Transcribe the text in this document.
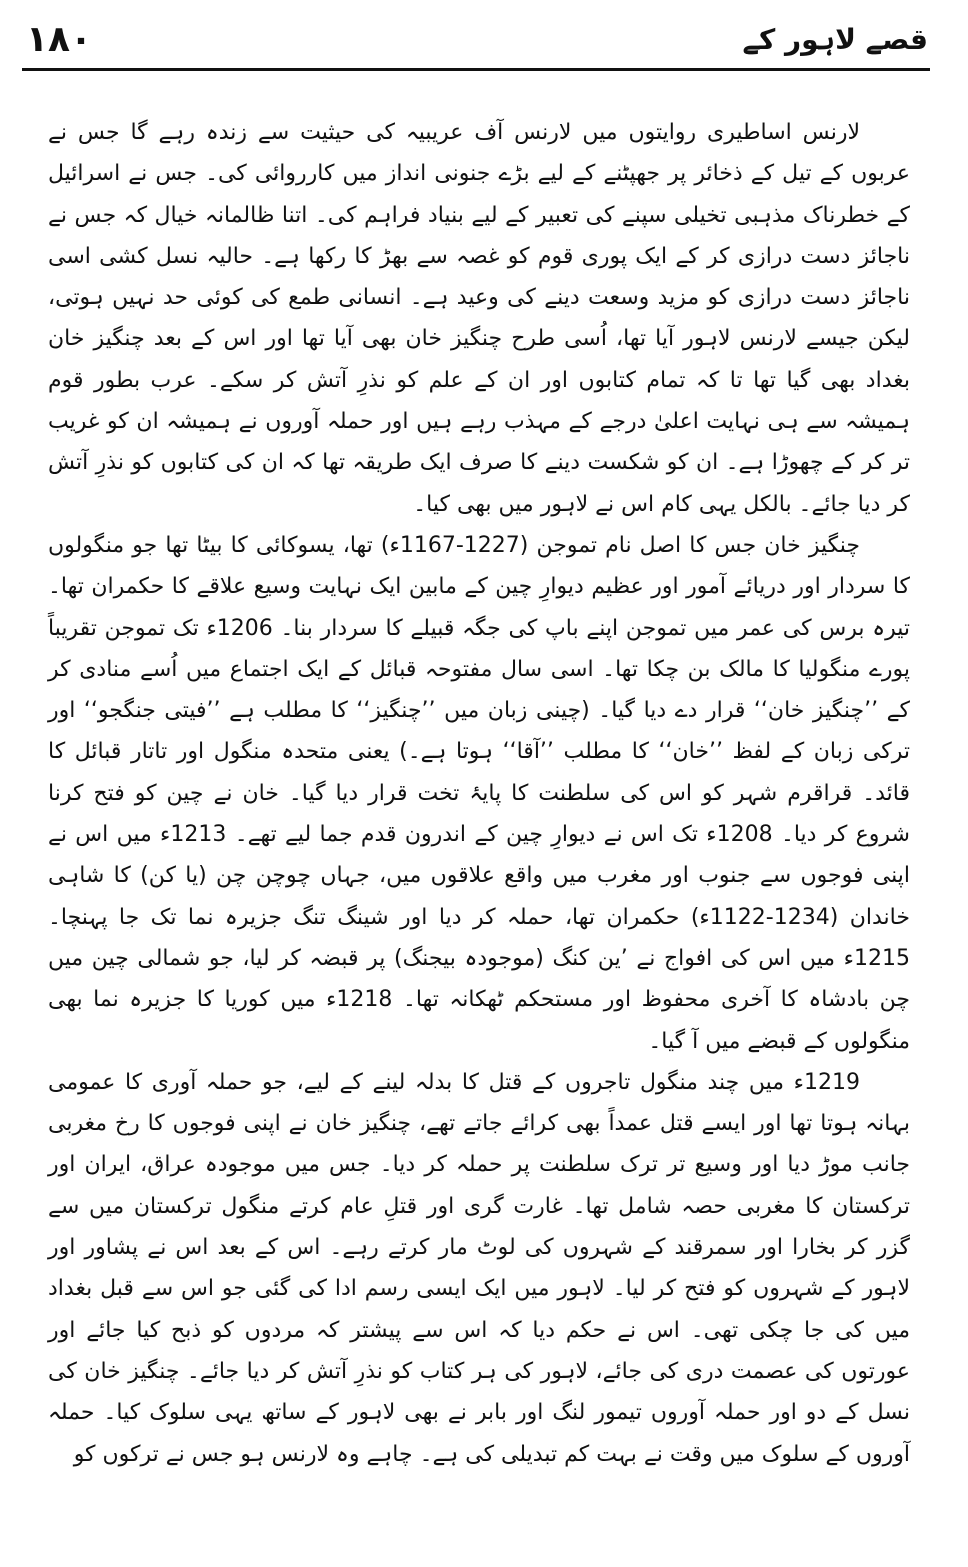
١٨٠	قصے لاہور کے

لارنس اساطیری روایتوں میں لارنس آف عریبیہ کی حیثیت سے زندہ رہے گا جس نے عربوں کے تیل کے ذخائر پر جھپٹنے کے لیے بڑے جنونی انداز میں کارروائی کی۔ جس نے اسرائیل کے خطرناک مذہبی تخیلی سپنے کی تعبیر کے لیے بنیاد فراہم کی۔ اتنا ظالمانہ خیال کہ جس نے ناجائز دست درازی کر کے ایک پوری قوم کو غصہ سے بھڑ کا رکھا ہے۔ حالیہ نسل کشی اسی ناجائز دست درازی کو مزید وسعت دینے کی وعید ہے۔ انسانی طمع کی کوئی حد نہیں ہوتی، لیکن جیسے لارنس لاہور آیا تھا، اُسی طرح چنگیز خان بھی آیا تھا اور اس کے بعد چنگیز خان بغداد بھی گیا تھا تا کہ تمام کتابوں اور ان کے علم کو نذرِ آتش کر سکے۔ عرب بطور قوم ہمیشہ سے ہی نہایت اعلیٰ درجے کے مہذب رہے ہیں اور حملہ آوروں نے ہمیشہ ان کو غریب تر کر کے چھوڑا ہے۔ ان کو شکست دینے کا صرف ایک طریقہ تھا کہ ان کی کتابوں کو نذرِ آتش کر دیا جائے۔ بالکل یہی کام اس نے لاہور میں بھی کیا۔

چنگیز خان جس کا اصل نام تموجن (1227-1167ء) تھا، یسوکائی کا بیٹا تھا جو منگولوں کا سردار اور دریائے آمور اور عظیم دیوارِ چین کے مابین ایک نہایت وسیع علاقے کا حکمران تھا۔ تیرہ برس کی عمر میں تموجن اپنے باپ کی جگہ قبیلے کا سردار بنا۔ 1206ء تک تموجن تقریباً پورے منگولیا کا مالک بن چکا تھا۔ اسی سال مفتوحہ قبائل کے ایک اجتماع میں اُسے منادی کر کے ’’چنگیز خان‘‘ قرار دے دیا گیا۔ (چینی زبان میں ’’چنگیز‘‘ کا مطلب ہے ’’فیتی جنگجو‘‘ اور ترکی زبان کے لفظ ’’خان‘‘ کا مطلب ’’آقا‘‘ ہوتا ہے۔) یعنی متحدہ منگول اور تاتار قبائل کا قائد۔ قراقرم شہر کو اس کی سلطنت کا پایۂ تخت قرار دیا گیا۔ خان نے چین کو فتح کرنا شروع کر دیا۔ 1208ء تک اس نے دیوارِ چین کے اندرون قدم جما لیے تھے۔ 1213ء میں اس نے اپنی فوجوں سے جنوب اور مغرب میں واقع علاقوں میں، جہاں چوچن چن (یا کن) کا شاہی خاندان (1234-1122ء) حکمران تھا، حملہ کر دیا اور شینگ تنگ جزیرہ نما تک جا پہنچا۔ 1215ء میں اس کی افواج نے ’ین کنگ (موجودہ بیجنگ) پر قبضہ کر لیا، جو شمالی چین میں چن بادشاہ کا آخری محفوظ اور مستحکم ٹھکانہ تھا۔ 1218ء میں کوریا کا جزیرہ نما بھی منگولوں کے قبضے میں آ گیا۔

1219ء میں چند منگول تاجروں کے قتل کا بدلہ لینے کے لیے، جو حملہ آوری کا عمومی بہانہ ہوتا تھا اور ایسے قتل عمداً بھی کرائے جاتے تھے، چنگیز خان نے اپنی فوجوں کا رخ مغربی جانب موڑ دیا اور وسیع تر ترک سلطنت پر حملہ کر دیا۔ جس میں موجودہ عراق، ایران اور ترکستان کا مغربی حصہ شامل تھا۔ غارت گری اور قتلِ عام کرتے منگول ترکستان میں سے گزر کر بخارا اور سمرقند کے شہروں کی لوٹ مار کرتے رہے۔ اس کے بعد اس نے پشاور اور لاہور کے شہروں کو فتح کر لیا۔ لاہور میں ایک ایسی رسم ادا کی گئی جو اس سے قبل بغداد میں کی جا چکی تھی۔ اس نے حکم دیا کہ اس سے پیشتر کہ مردوں کو ذبح کیا جائے اور عورتوں کی عصمت دری کی جائے، لاہور کی ہر کتاب کو نذرِ آتش کر دیا جائے۔ چنگیز خان کی نسل کے دو اور حملہ آوروں تیمور لنگ اور بابر نے بھی لاہور کے ساتھ یہی سلوک کیا۔ حملہ آوروں کے سلوک میں وقت نے بہت کم تبدیلی کی ہے۔ چاہے وہ لارنس ہو جس نے ترکوں کو
